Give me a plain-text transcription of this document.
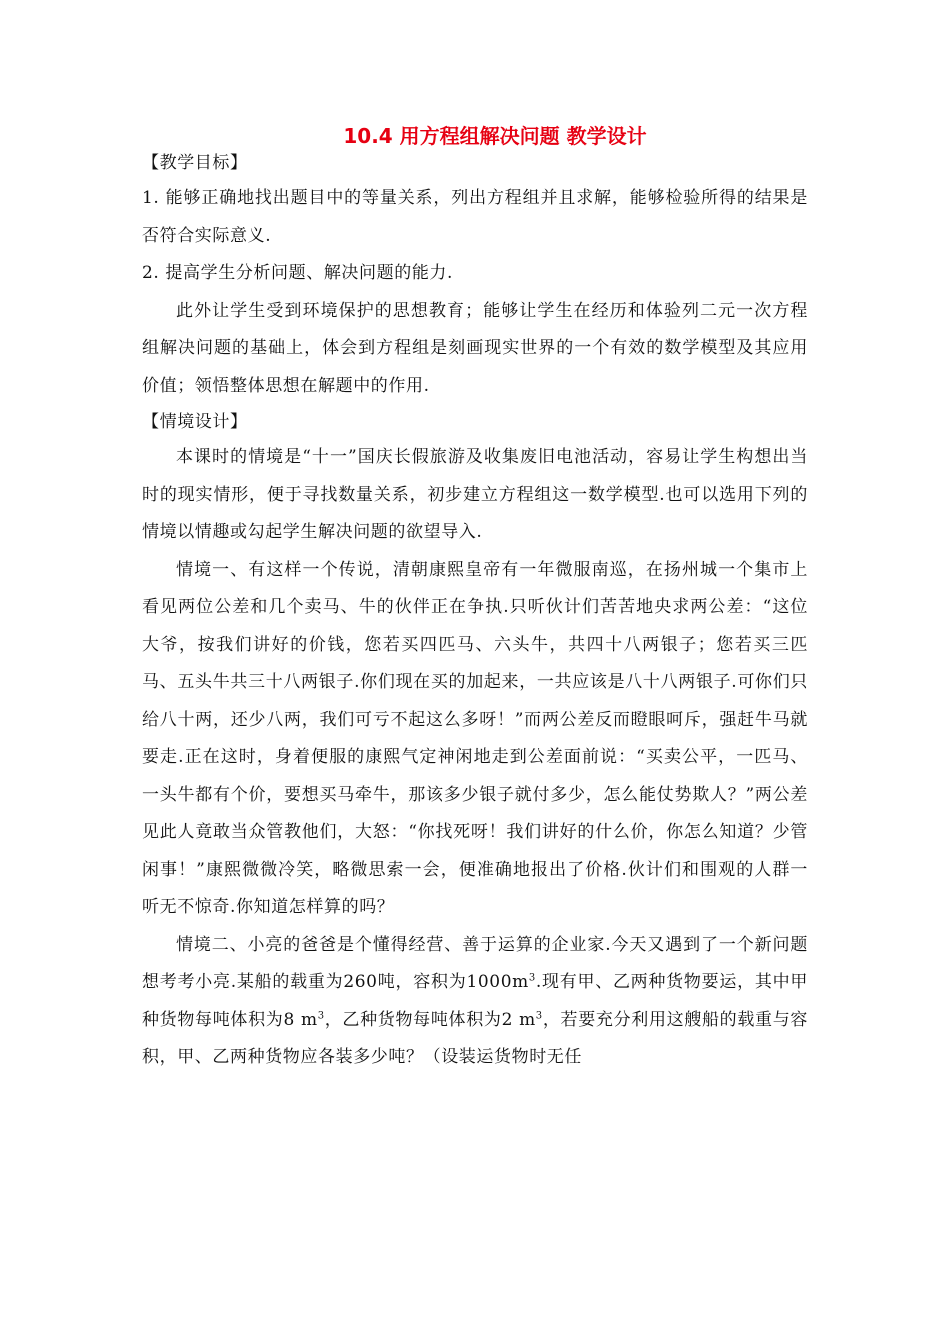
10.4 用方程组解决问题 教学设计

【教学目标】

1. 能够正确地找出题目中的等量关系，列出方程组并且求解，能够检验所得的结果是否符合实际意义.

2. 提高学生分析问题、解决问题的能力.

此外让学生受到环境保护的思想教育；能够让学生在经历和体验列二元一次方程组解决问题的基础上，体会到方程组是刻画现实世界的一个有效的数学模型及其应用价值；领悟整体思想在解题中的作用.

【情境设计】

本课时的情境是“十一”国庆长假旅游及收集废旧电池活动，容易让学生构想出当时的现实情形，便于寻找数量关系，初步建立方程组这一数学模型.也可以选用下列的情境以情趣或勾起学生解决问题的欲望导入.

情境一、有这样一个传说，清朝康熙皇帝有一年微服南巡，在扬州城一个集市上看见两位公差和几个卖马、牛的伙伴正在争执.只听伙计们苦苦地央求两公差：“这位大爷，按我们讲好的价钱，您若买四匹马、六头牛，共四十八两银子；您若买三匹马、五头牛共三十八两银子.你们现在买的加起来，一共应该是八十八两银子.可你们只给八十两，还少八两，我们可亏不起这么多呀！”而两公差反而瞪眼呵斥，强赶牛马就要走.正在这时，身着便服的康熙气定神闲地走到公差面前说：“买卖公平，一匹马、一头牛都有个价，要想买马牵牛，那该多少银子就付多少，怎么能仗势欺人？”两公差见此人竟敢当众管教他们，大怒：“你找死呀！我们讲好的什么价，你怎么知道？少管闲事！”康熙微微冷笑，略微思索一会，便准确地报出了价格.伙计们和围观的人群一听无不惊奇.你知道怎样算的吗？

情境二、小亮的爸爸是个懂得经营、善于运算的企业家.今天又遇到了一个新问题想考考小亮.某船的载重为260吨，容积为$1000m^3$.现有甲、乙两种货物要运，其中甲种货物每吨体积为8 $m^3$，乙种货物每吨体积为2 $m^3$，若要充分利用这艘船的载重与容积，甲、乙两种货物应各装多少吨？（设装运货物时无任
